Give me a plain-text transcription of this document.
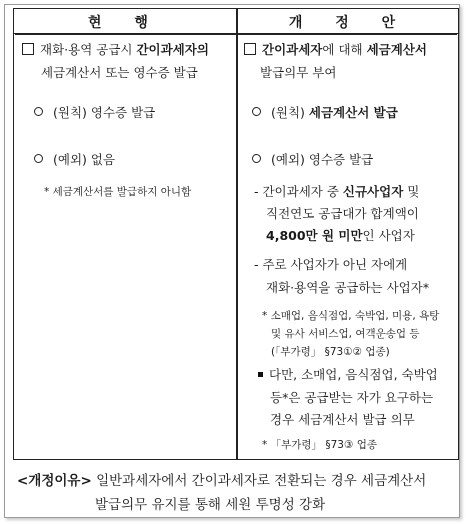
현 행	개 정 안
재화·용역 공급시 간이과세자의
세금계산서 또는 영수증 발급
(원칙) 영수증 발급
(예외) 없음
* 세금계산서를 발급하지 아니함
간이과세자에 대해 세금계산서
발급의무 부여
(원칙) 세금계산서 발급
(예외) 영수증 발급
- 간이과세자 중 신규사업자 및
직전연도 공급대가 합계액이
4,800만 원 미만인 사업자
- 주로 사업자가 아닌 자에게
재화·용역을 공급하는 사업자*
* 소매업, 음식점업, 숙박업, 미용, 욕탕
및 유사 서비스업, 여객운송업 등
(「부가령」 §73①② 업종)
다만, 소매업, 음식점업, 숙박업
등*은 공급받는 자가 요구하는
경우 세금계산서 발급 의무
* 「부가령」 §73③ 업종
<개정이유> 일반과세자에서 간이과세자로 전환되는 경우 세금계산서
발급의무 유지를 통해 세원 투명성 강화
